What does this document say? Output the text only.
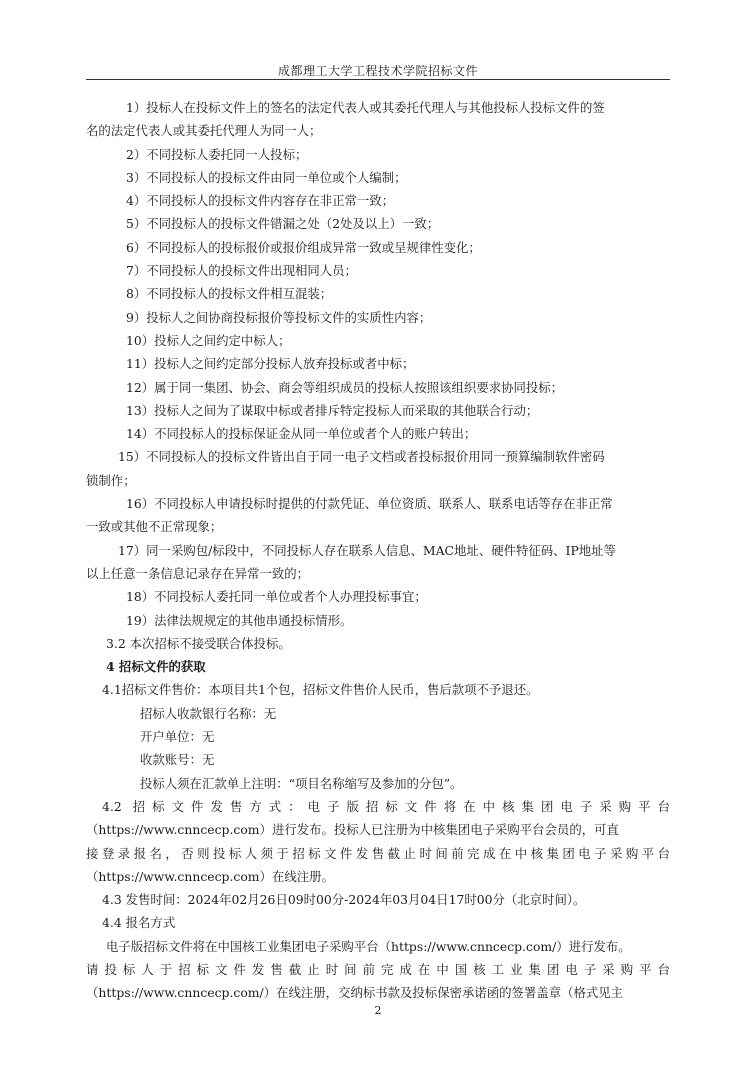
成都理工大学工程技术学院招标文件
1）投标人在投标文件上的签名的法定代表人或其委托代理人与其他投标人投标文件的签
名的法定代表人或其委托代理人为同一人；
2）不同投标人委托同一人投标；
3）不同投标人的投标文件由同一单位或个人编制；
4）不同投标人的投标文件内容存在非正常一致；
5）不同投标人的投标文件错漏之处（2处及以上）一致；
6）不同投标人的投标报价或报价组成异常一致或呈规律性变化；
7）不同投标人的投标文件出现相同人员；
8）不同投标人的投标文件相互混装；
9）投标人之间协商投标报价等投标文件的实质性内容；
10）投标人之间约定中标人；
11）投标人之间约定部分投标人放弃投标或者中标；
12）属于同一集团、协会、商会等组织成员的投标人按照该组织要求协同投标；
13）投标人之间为了谋取中标或者排斥特定投标人而采取的其他联合行动；
14）不同投标人的投标保证金从同一单位或者个人的账户转出；
15）不同投标人的投标文件皆出自于同一电子文档或者投标报价用同一预算编制软件密码
锁制作；
16）不同投标人申请投标时提供的付款凭证、单位资质、联系人、联系电话等存在非正常
一致或其他不正常现象；
17）同一采购包/标段中，不同投标人存在联系人信息、MAC地址、硬件特征码、IP地址等
以上任意一条信息记录存在异常一致的；
18）不同投标人委托同一单位或者个人办理投标事宜；
19）法律法规规定的其他串通投标情形。
3.2 本次招标不接受联合体投标。
4 招标文件的获取
4.1招标文件售价：本项目共1个包，招标文件售价人民币，售后款项不予退还。
招标人收款银行名称：无
开户单位：无
收款账号：无
投标人须在汇款单上注明：“项目名称缩写及参加的分包”。
4.2 招标文件发售方式：电子版招标文件将在中核集团电子采购平台
（https://www.cnncecp.com）进行发布。投标人已注册为中核集团电子采购平台会员的，可直
接登录报名，否则投标人须于招标文件发售截止时间前完成在中核集团电子采购平台
（https://www.cnncecp.com）在线注册。
4.3 发售时间：2024年02月26日09时00分-2024年03月04日17时00分（北京时间）。
4.4 报名方式
电子版招标文件将在中国核工业集团电子采购平台（https://www.cnncecp.com/）进行发布。
请投标人于招标文件发售截止时间前完成在中国核工业集团电子采购平台
（https://www.cnncecp.com/）在线注册，交纳标书款及投标保密承诺函的签署盖章（格式见主
2
